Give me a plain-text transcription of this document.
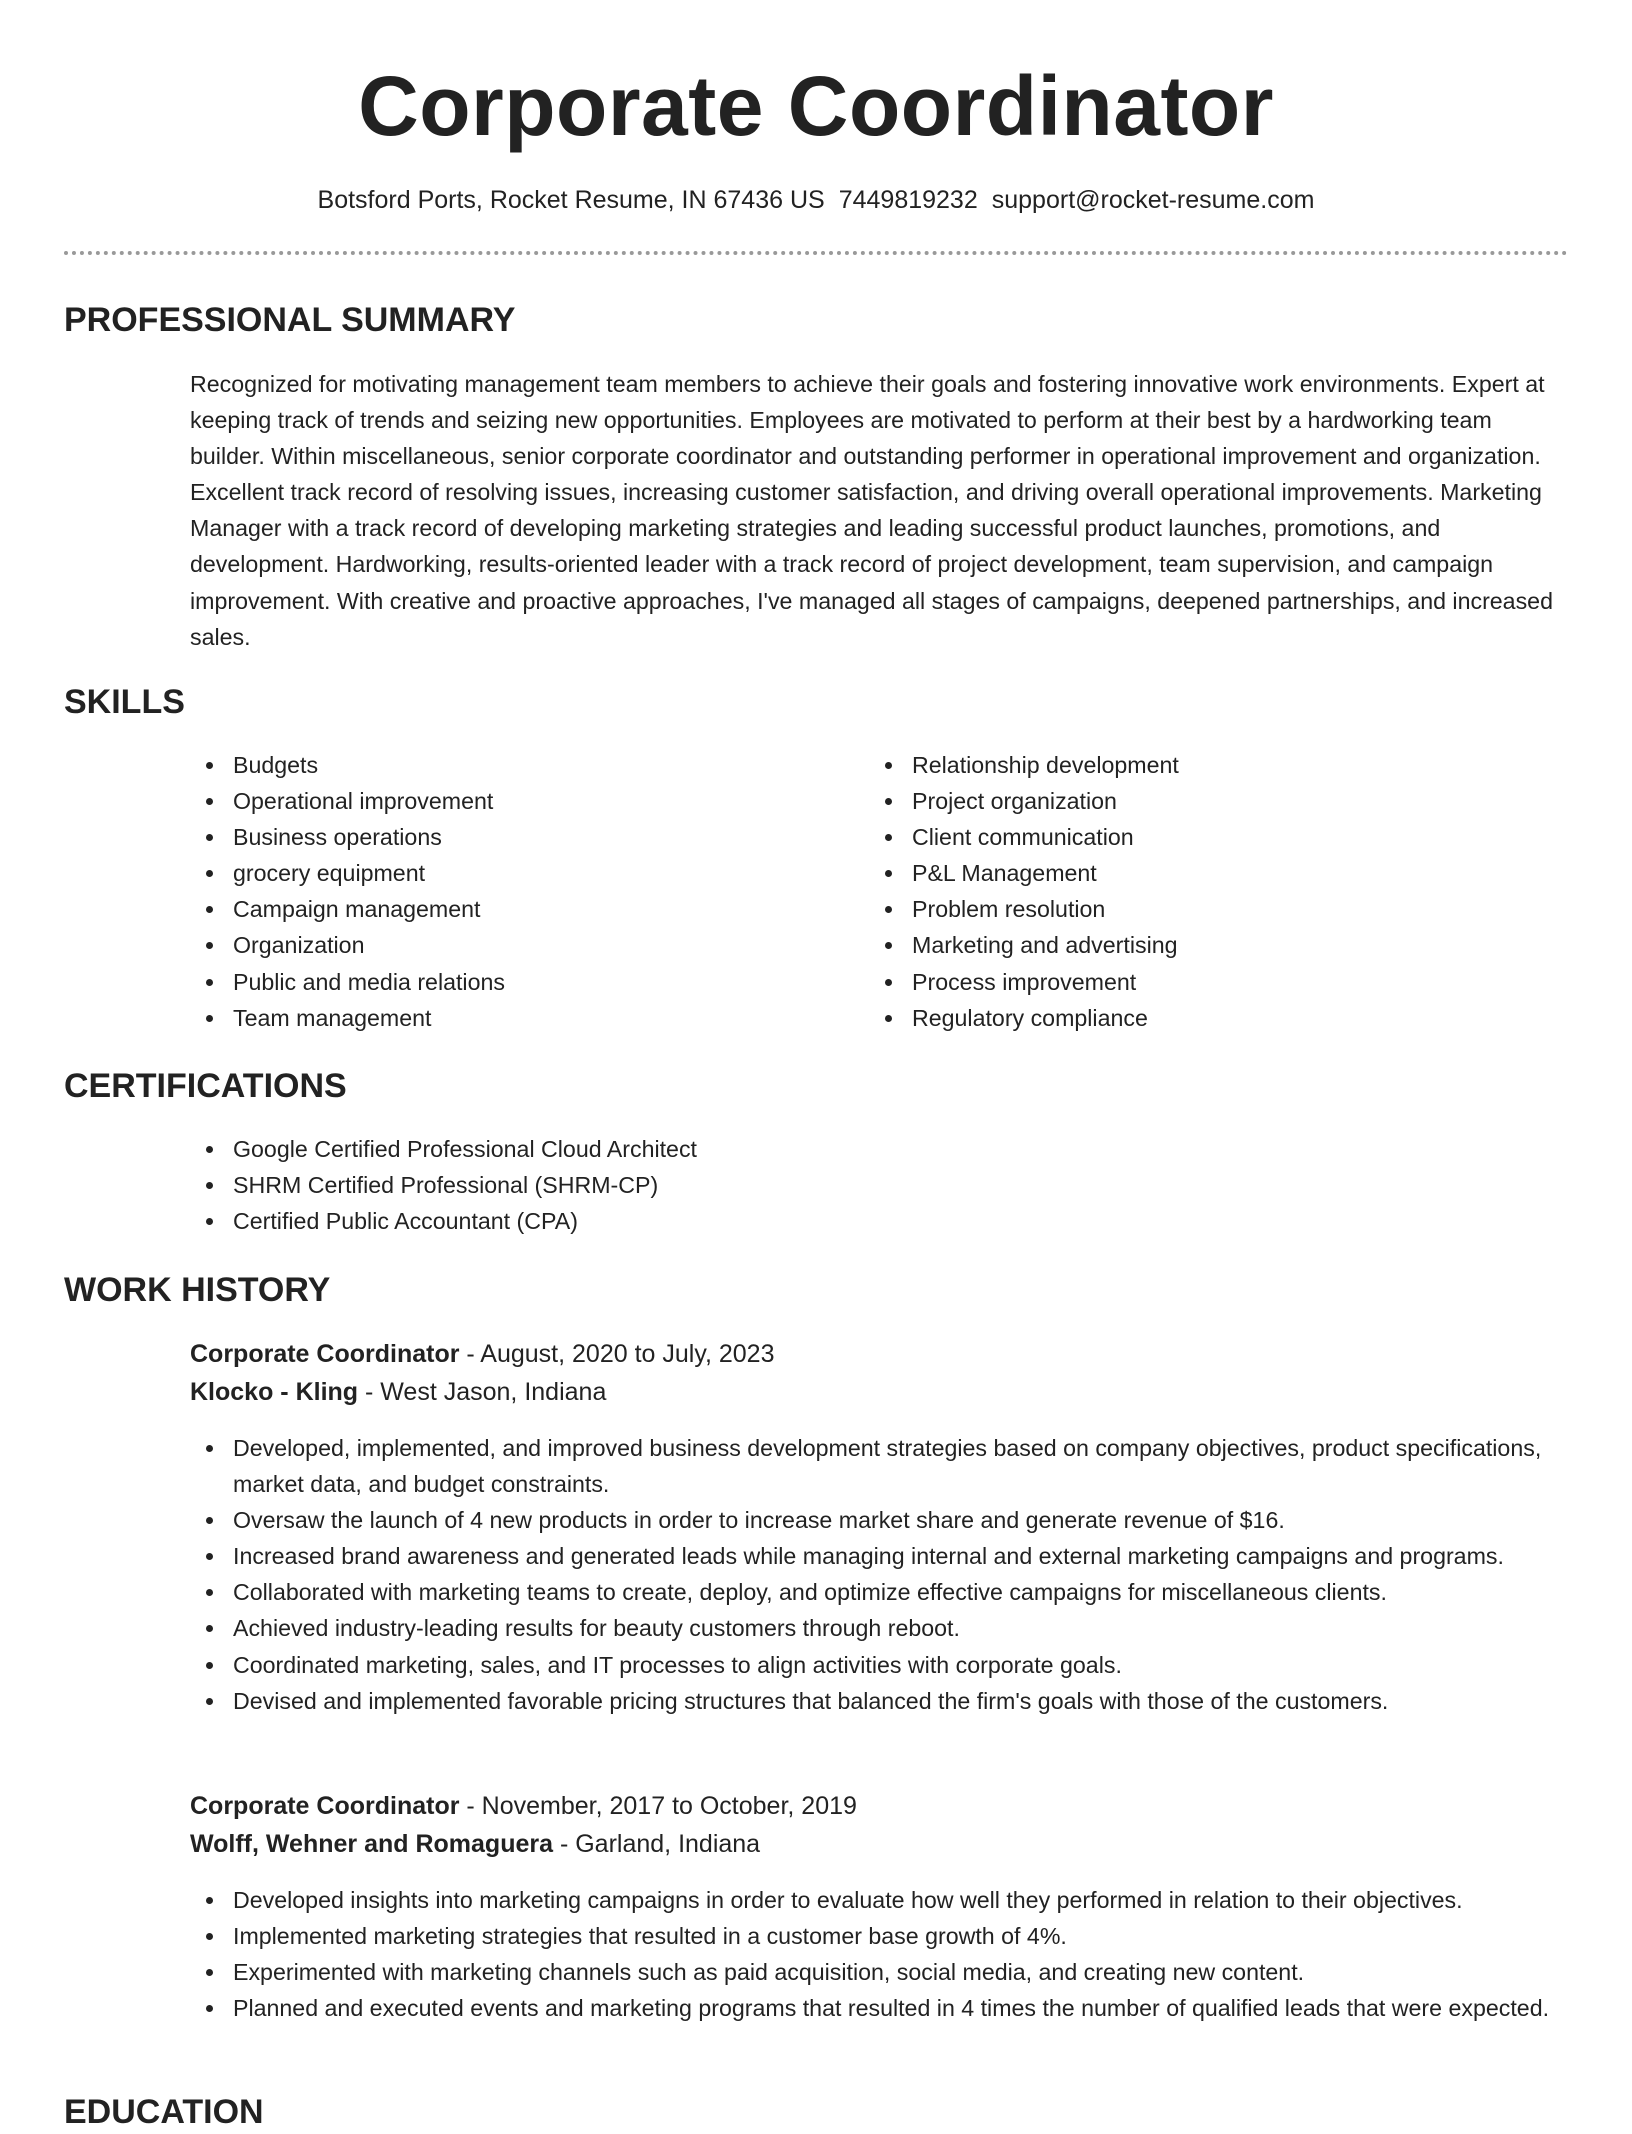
Corporate Coordinator
Botsford Ports, Rocket Resume, IN 67436 US 7449819232 support@rocket-resume.com
PROFESSIONAL SUMMARY

Recognized for motivating management team members to achieve their goals and fostering innovative work environments. Expert at keeping track of trends and seizing new opportunities. Employees are motivated to perform at their best by a hardworking team builder. Within miscellaneous, senior corporate coordinator and outstanding performer in operational improvement and organization. Excellent track record of resolving issues, increasing customer satisfaction, and driving overall operational improvements. Marketing Manager with a track record of developing marketing strategies and leading successful product launches, promotions, and development. Hardworking, results-oriented leader with a track record of project development, team supervision, and campaign improvement. With creative and proactive approaches, I've managed all stages of campaigns, deepened partnerships, and increased sales.

SKILLS
Budgets
Operational improvement
Business operations
grocery equipment
Campaign management
Organization
Public and media relations
Team management
Relationship development
Project organization
Client communication
P&L Management
Problem resolution
Marketing and advertising
Process improvement
Regulatory compliance
CERTIFICATIONS
Google Certified Professional Cloud Architect
SHRM Certified Professional (SHRM-CP)
Certified Public Accountant (CPA)
WORK HISTORY
Corporate Coordinator - August, 2020 to July, 2023
Klocko - Kling - West Jason, Indiana
Developed, implemented, and improved business development strategies based on company objectives, product specifications, market data, and budget constraints.
Oversaw the launch of 4 new products in order to increase market share and generate revenue of $16.
Increased brand awareness and generated leads while managing internal and external marketing campaigns and programs.
Collaborated with marketing teams to create, deploy, and optimize effective campaigns for miscellaneous clients.
Achieved industry-leading results for beauty customers through reboot.
Coordinated marketing, sales, and IT processes to align activities with corporate goals.
Devised and implemented favorable pricing structures that balanced the firm's goals with those of the customers.
Corporate Coordinator - November, 2017 to October, 2019
Wolff, Wehner and Romaguera - Garland, Indiana
Developed insights into marketing campaigns in order to evaluate how well they performed in relation to their objectives.
Implemented marketing strategies that resulted in a customer base growth of 4%.
Experimented with marketing channels such as paid acquisition, social media, and creating new content.
Planned and executed events and marketing programs that resulted in 4 times the number of qualified leads that were expected.
EDUCATION
